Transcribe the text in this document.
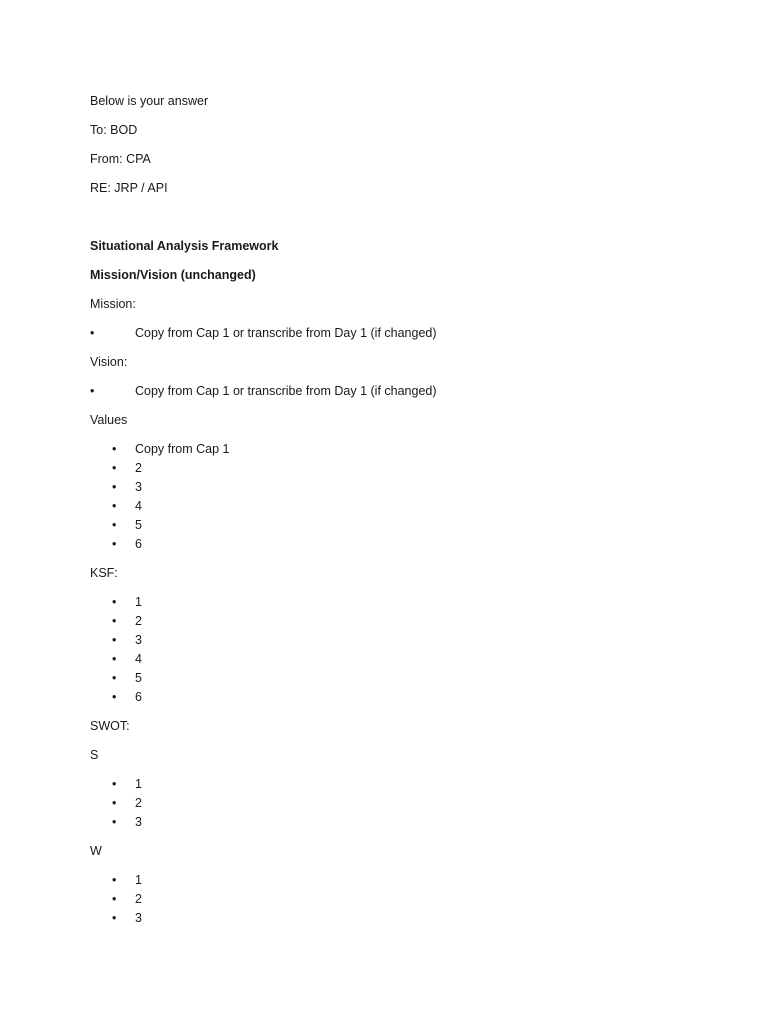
Below is your answer
To: BOD
From: CPA
RE: JRP / API
Situational Analysis Framework
Mission/Vision (unchanged)
Mission:
•	Copy from Cap 1 or transcribe from Day 1 (if changed)
Vision:
•	Copy from Cap 1 or transcribe from Day 1 (if changed)
Values
• Copy from Cap 1
• 2
• 3
• 4
• 5
• 6
KSF:
• 1
• 2
• 3
• 4
• 5
• 6
SWOT:
S
• 1
• 2
• 3
W
• 1
• 2
• 3
